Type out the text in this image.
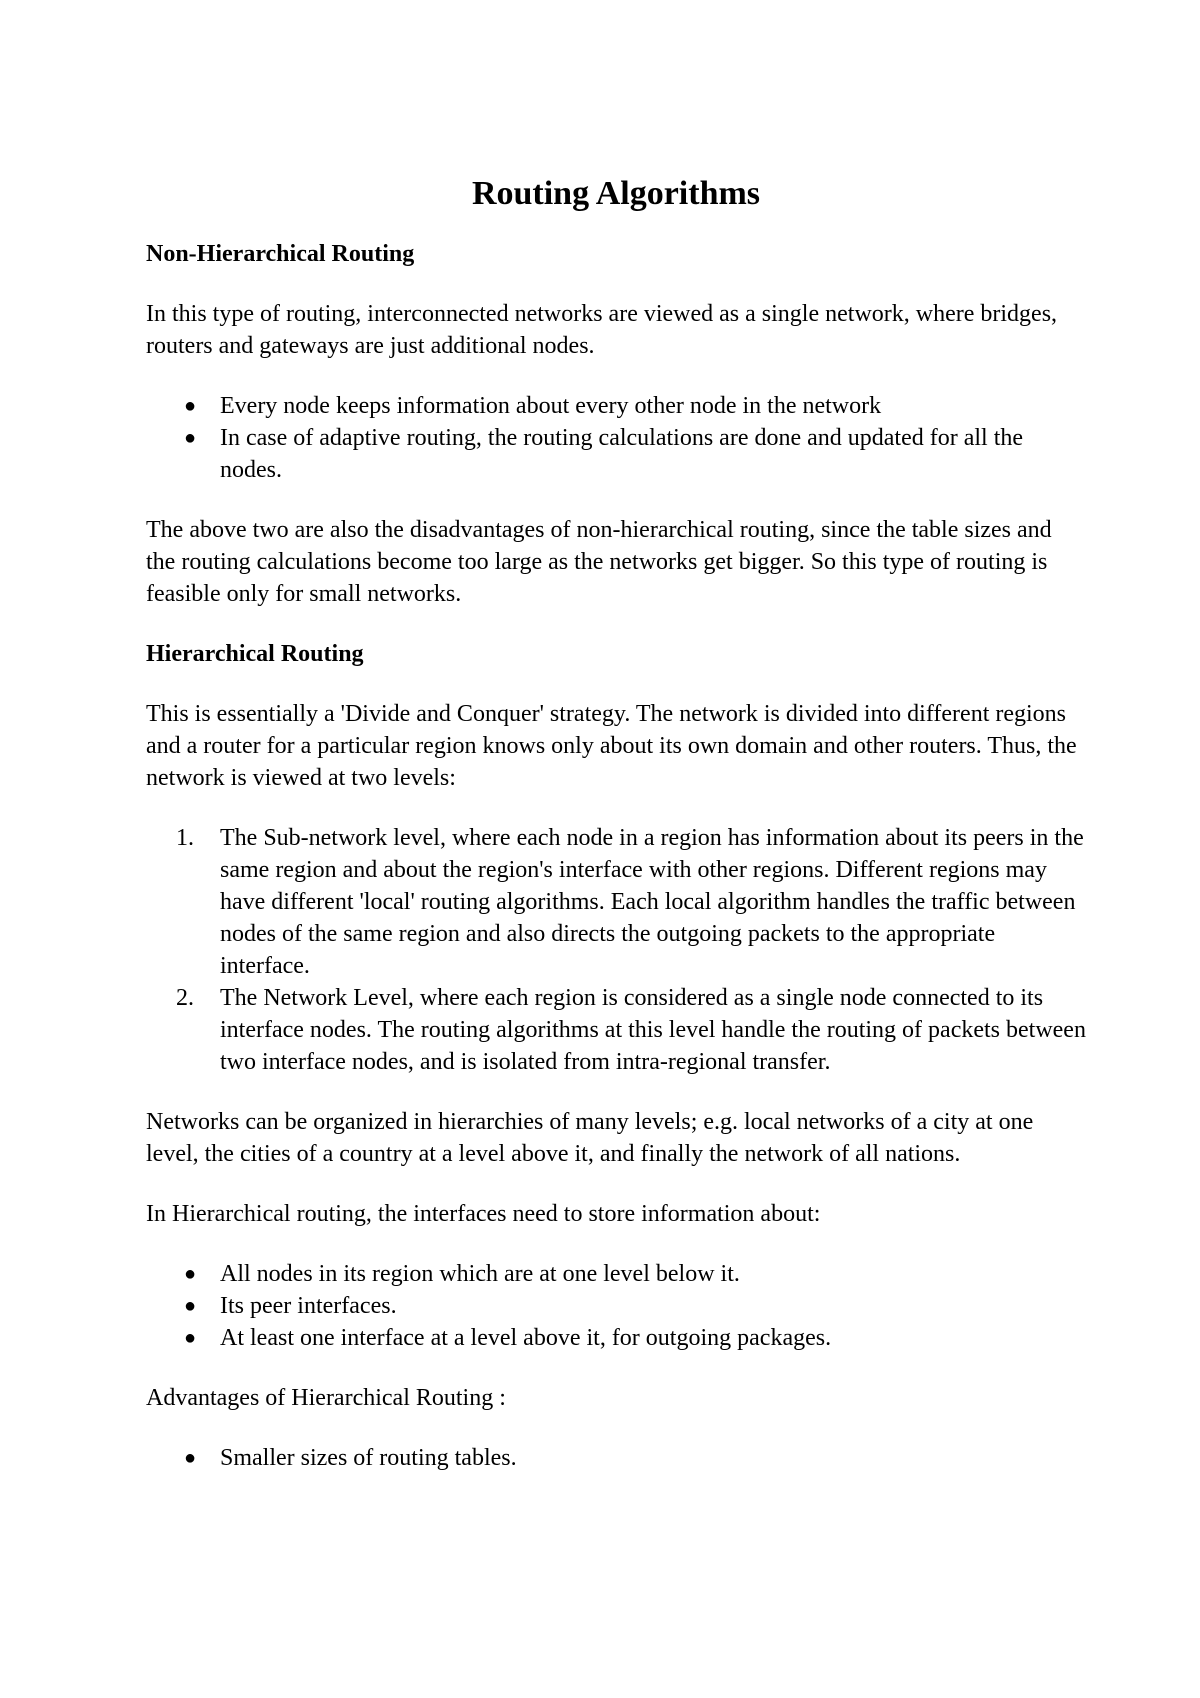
Routing Algorithms
Non-Hierarchical Routing

In this type of routing, interconnected networks are viewed as a single network, where bridges, routers and gateways are just additional nodes.

● Every node keeps information about every other node in the network
● In case of adaptive routing, the routing calculations are done and updated for all the nodes.

The above two are also the disadvantages of non-hierarchical routing, since the table sizes and the routing calculations become too large as the networks get bigger. So this type of routing is feasible only for small networks.

Hierarchical Routing

This is essentially a 'Divide and Conquer' strategy. The network is divided into different regions and a router for a particular region knows only about its own domain and other routers. Thus, the network is viewed at two levels:

1. The Sub-network level, where each node in a region has information about its peers in the same region and about the region's interface with other regions. Different regions may have different 'local' routing algorithms. Each local algorithm handles the traffic between nodes of the same region and also directs the outgoing packets to the appropriate interface.
2. The Network Level, where each region is considered as a single node connected to its interface nodes. The routing algorithms at this level handle the routing of packets between two interface nodes, and is isolated from intra-regional transfer.

Networks can be organized in hierarchies of many levels; e.g. local networks of a city at one level, the cities of a country at a level above it, and finally the network of all nations.

In Hierarchical routing, the interfaces need to store information about:

● All nodes in its region which are at one level below it.
● Its peer interfaces.
● At least one interface at a level above it, for outgoing packages.

Advantages of Hierarchical Routing :

● Smaller sizes of routing tables.
